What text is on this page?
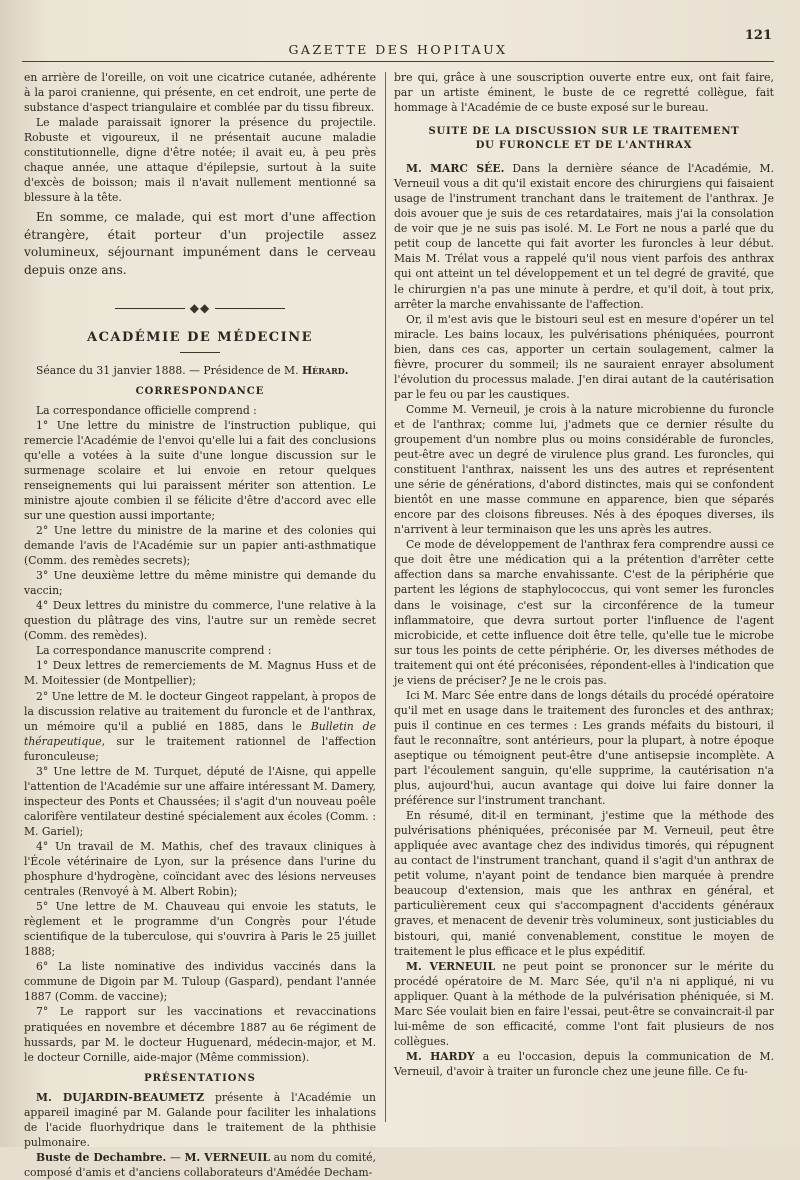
GAZETTE DES HOPITAUX
121

en arrière de l'oreille, on voit une cicatrice cutanée, adhérente à la paroi cranienne, qui présente, en cet endroit, une perte de substance d'aspect triangulaire et comblée par du tissu fibreux.

Le malade paraissait ignorer la présence du projectile. Robuste et vigoureux, il ne présentait aucune maladie constitutionnelle, digne d'être notée; il avait eu, à peu près chaque année, une attaque d'épilepsie, surtout à la suite d'excès de boisson; mais il n'avait nullement mentionné sa blessure à la tête.

En somme, ce malade, qui est mort d'une affection étrangère, était porteur d'un projectile assez volumineux, séjournant impunément dans le cerveau depuis onze ans.

◆◆
ACADÉMIE DE MÉDECINE

Séance du 31 janvier 1888. — Présidence de M. Hérard.

CORRESPONDANCE

La correspondance officielle comprend :

1° Une lettre du ministre de l'instruction publique, qui remercie l'Académie de l'envoi qu'elle lui a fait des conclusions qu'elle a votées à la suite d'une longue discussion sur le surmenage scolaire et lui envoie en retour quelques renseignements qui lui paraissent mériter son attention. Le ministre ajoute combien il se félicite d'être d'accord avec elle sur une question aussi importante;

2° Une lettre du ministre de la marine et des colonies qui demande l'avis de l'Académie sur un papier anti-asthmatique (Comm. des remèdes secrets);

3° Une deuxième lettre du même ministre qui demande du vaccin;

4° Deux lettres du ministre du commerce, l'une relative à la question du plâtrage des vins, l'autre sur un remède secret (Comm. des remèdes).

La correspondance manuscrite comprend :

1° Deux lettres de remerciements de M. Magnus Huss et de M. Moitessier (de Montpellier);

2° Une lettre de M. le docteur Gingeot rappelant, à propos de la discussion relative au traitement du furoncle et de l'anthrax, un mémoire qu'il a publié en 1885, dans le Bulletin de thérapeutique, sur le traitement rationnel de l'affection furonculeuse;

3° Une lettre de M. Turquet, député de l'Aisne, qui appelle l'attention de l'Académie sur une affaire intéressant M. Damery, inspecteur des Ponts et Chaussées; il s'agit d'un nouveau poêle calorifère ventilateur destiné spécialement aux écoles (Comm. : M. Gariel);

4° Un travail de M. Mathis, chef des travaux cliniques à l'École vétérinaire de Lyon, sur la présence dans l'urine du phosphure d'hydrogène, coïncidant avec des lésions nerveuses centrales (Renvoyé à M. Albert Robin);

5° Une lettre de M. Chauveau qui envoie les statuts, le règlement et le programme d'un Congrès pour l'étude scientifique de la tuberculose, qui s'ouvrira à Paris le 25 juillet 1888;

6° La liste nominative des individus vaccinés dans la commune de Digoin par M. Tuloup (Gaspard), pendant l'année 1887 (Comm. de vaccine);

7° Le rapport sur les vaccinations et revaccinations pratiquées en novembre et décembre 1887 au 6e régiment de hussards, par M. le docteur Huguenard, médecin-major, et M. le docteur Cornille, aide-major (Même commission).

PRÉSENTATIONS

M. DUJARDIN-BEAUMETZ présente à l'Académie un appareil imaginé par M. Galande pour faciliter les inhalations de l'acide fluorhydrique dans le traitement de la phthisie pulmonaire.

Buste de Dechambre. — M. VERNEUIL au nom du comité, composé d'amis et d'anciens collaborateurs d'Amédée Decham-

bre qui, grâce à une souscription ouverte entre eux, ont fait faire, par un artiste éminent, le buste de ce regretté collègue, fait hommage à l'Académie de ce buste exposé sur le bureau.

SUITE DE LA DISCUSSION SUR LE TRAITEMENT
DU FURONCLE ET DE L'ANTHRAX

M. MARC SÉE. Dans la dernière séance de l'Académie, M. Verneuil vous a dit qu'il existait encore des chirurgiens qui faisaient usage de l'instrument tranchant dans le traitement de l'anthrax. Je dois avouer que je suis de ces retardataires, mais j'ai la consolation de voir que je ne suis pas isolé. M. Le Fort ne nous a parlé que du petit coup de lancette qui fait avorter les furoncles à leur début. Mais M. Trélat vous a rappelé qu'il nous vient parfois des anthrax qui ont atteint un tel développement et un tel degré de gravité, que le chirurgien n'a pas une minute à perdre, et qu'il doit, à tout prix, arrêter la marche envahissante de l'affection.

Or, il m'est avis que le bistouri seul est en mesure d'opérer un tel miracle. Les bains locaux, les pulvérisations phéniquées, pourront bien, dans ces cas, apporter un certain soulagement, calmer la fièvre, procurer du sommeil; ils ne sauraient enrayer absolument l'évolution du processus malade. J'en dirai autant de la cautérisation par le feu ou par les caustiques.

Comme M. Verneuil, je crois à la nature microbienne du furoncle et de l'anthrax; comme lui, j'admets que ce dernier résulte du groupement d'un nombre plus ou moins considérable de furoncles, peut-être avec un degré de virulence plus grand. Les furoncles, qui constituent l'anthrax, naissent les uns des autres et représentent une série de générations, d'abord distinctes, mais qui se confondent bientôt en une masse commune en apparence, bien que séparés encore par des cloisons fibreuses. Nés à des époques diverses, ils n'arrivent à leur terminaison que les uns après les autres.

Ce mode de développement de l'anthrax fera comprendre aussi ce que doit être une médication qui a la prétention d'arrêter cette affection dans sa marche envahissante. C'est de la périphérie que partent les légions de staphylococcus, qui vont semer les furoncles dans le voisinage, c'est sur la circonférence de la tumeur inflammatoire, que devra surtout porter l'influence de l'agent microbicide, et cette influence doit être telle, qu'elle tue le microbe sur tous les points de cette périphérie. Or, les diverses méthodes de traitement qui ont été préconisées, répondent-elles à l'indication que je viens de préciser? Je ne le crois pas.

Ici M. Marc Sée entre dans de longs détails du procédé opératoire qu'il met en usage dans le traitement des furoncles et des anthrax; puis il continue en ces termes : Les grands méfaits du bistouri, il faut le reconnaître, sont antérieurs, pour la plupart, à notre époque aseptique ou témoignent peut-être d'une antisepsie incomplète. A part l'écoulement sanguin, qu'elle supprime, la cautérisation n'a plus, aujourd'hui, aucun avantage qui doive lui faire donner la préférence sur l'instrument tranchant.

En résumé, dit-il en terminant, j'estime que la méthode des pulvérisations phéniquées, préconisée par M. Verneuil, peut être appliquée avec avantage chez des individus timorés, qui répugnent au contact de l'instrument tranchant, quand il s'agit d'un anthrax de petit volume, n'ayant point de tendance bien marquée à prendre beaucoup d'extension, mais que les anthrax en général, et particulièrement ceux qui s'accompagnent d'accidents généraux graves, et menacent de devenir très volumineux, sont justiciables du bistouri, qui, manié convenablement, constitue le moyen de traitement le plus efficace et le plus expéditif.

M. VERNEUIL ne peut point se prononcer sur le mérite du procédé opératoire de M. Marc Sée, qu'il n'a ni appliqué, ni vu appliquer. Quant à la méthode de la pulvérisation phéniquée, si M. Marc Sée voulait bien en faire l'essai, peut-être se convaincrait-il par lui-même de son efficacité, comme l'ont fait plusieurs de nos collègues.

M. HARDY a eu l'occasion, depuis la communication de M. Verneuil, d'avoir à traiter un furoncle chez une jeune fille. Ce fu-
